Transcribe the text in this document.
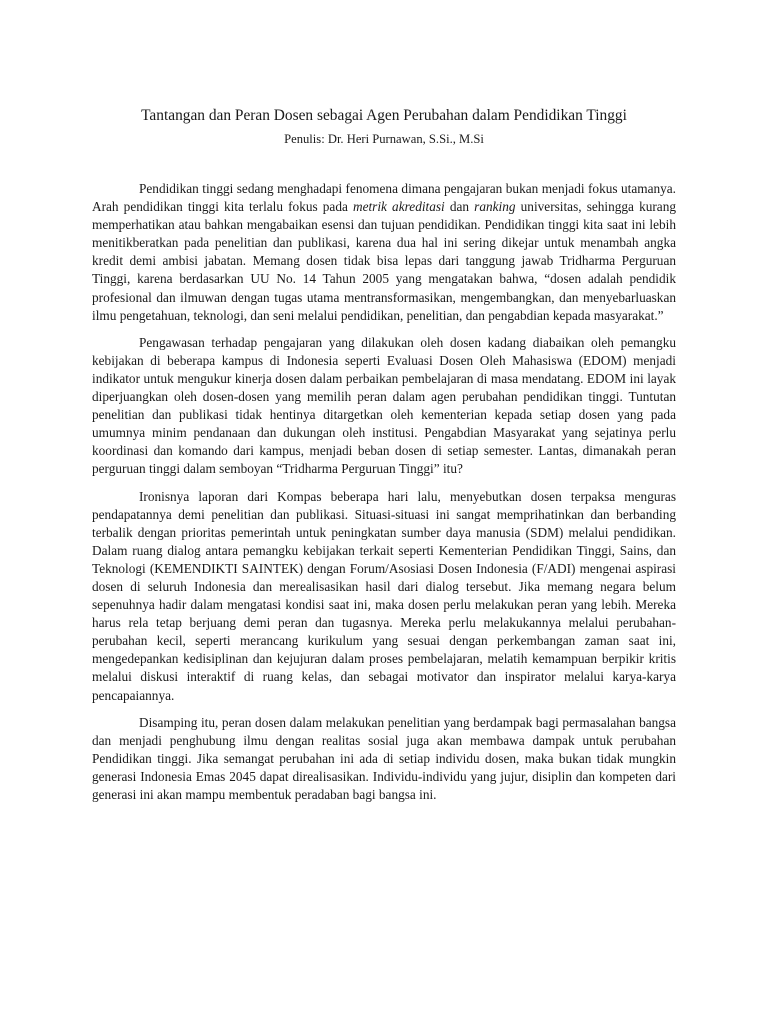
Tantangan dan Peran Dosen sebagai Agen Perubahan dalam Pendidikan Tinggi

Penulis: Dr. Heri Purnawan, S.Si., M.Si

Pendidikan tinggi sedang menghadapi fenomena dimana pengajaran bukan menjadi fokus utamanya. Arah pendidikan tinggi kita terlalu fokus pada metrik akreditasi dan ranking universitas, sehingga kurang memperhatikan atau bahkan mengabaikan esensi dan tujuan pendidikan. Pendidikan tinggi kita saat ini lebih menitikberatkan pada penelitian dan publikasi, karena dua hal ini sering dikejar untuk menambah angka kredit demi ambisi jabatan. Memang dosen tidak bisa lepas dari tanggung jawab Tridharma Perguruan Tinggi, karena berdasarkan UU No. 14 Tahun 2005 yang mengatakan bahwa, “dosen adalah pendidik profesional dan ilmuwan dengan tugas utama mentransformasikan, mengembangkan, dan menyebarluaskan ilmu pengetahuan, teknologi, dan seni melalui pendidikan, penelitian, dan pengabdian kepada masyarakat.”

Pengawasan terhadap pengajaran yang dilakukan oleh dosen kadang diabaikan oleh pemangku kebijakan di beberapa kampus di Indonesia seperti Evaluasi Dosen Oleh Mahasiswa (EDOM) menjadi indikator untuk mengukur kinerja dosen dalam perbaikan pembelajaran di masa mendatang. EDOM ini layak diperjuangkan oleh dosen-dosen yang memilih peran dalam agen perubahan pendidikan tinggi. Tuntutan penelitian dan publikasi tidak hentinya ditargetkan oleh kementerian kepada setiap dosen yang pada umumnya minim pendanaan dan dukungan oleh institusi. Pengabdian Masyarakat yang sejatinya perlu koordinasi dan komando dari kampus, menjadi beban dosen di setiap semester. Lantas, dimanakah peran perguruan tinggi dalam semboyan “Tridharma Perguruan Tinggi” itu?

Ironisnya laporan dari Kompas beberapa hari lalu, menyebutkan dosen terpaksa menguras pendapatannya demi penelitian dan publikasi. Situasi-situasi ini sangat memprihatinkan dan berbanding terbalik dengan prioritas pemerintah untuk peningkatan sumber daya manusia (SDM) melalui pendidikan. Dalam ruang dialog antara pemangku kebijakan terkait seperti Kementerian Pendidikan Tinggi, Sains, dan Teknologi (KEMENDIKTI SAINTEK) dengan Forum/Asosiasi Dosen Indonesia (F/ADI) mengenai aspirasi dosen di seluruh Indonesia dan merealisasikan hasil dari dialog tersebut. Jika memang negara belum sepenuhnya hadir dalam mengatasi kondisi saat ini, maka dosen perlu melakukan peran yang lebih. Mereka harus rela tetap berjuang demi peran dan tugasnya. Mereka perlu melakukannya melalui perubahan-perubahan kecil, seperti merancang kurikulum yang sesuai dengan perkembangan zaman saat ini, mengedepankan kedisiplinan dan kejujuran dalam proses pembelajaran, melatih kemampuan berpikir kritis melalui diskusi interaktif di ruang kelas, dan sebagai motivator dan inspirator melalui karya-karya pencapaiannya.

Disamping itu, peran dosen dalam melakukan penelitian yang berdampak bagi permasalahan bangsa dan menjadi penghubung ilmu dengan realitas sosial juga akan membawa dampak untuk perubahan Pendidikan tinggi. Jika semangat perubahan ini ada di setiap individu dosen, maka bukan tidak mungkin generasi Indonesia Emas 2045 dapat direalisasikan. Individu-individu yang jujur, disiplin dan kompeten dari generasi ini akan mampu membentuk peradaban bagi bangsa ini.
